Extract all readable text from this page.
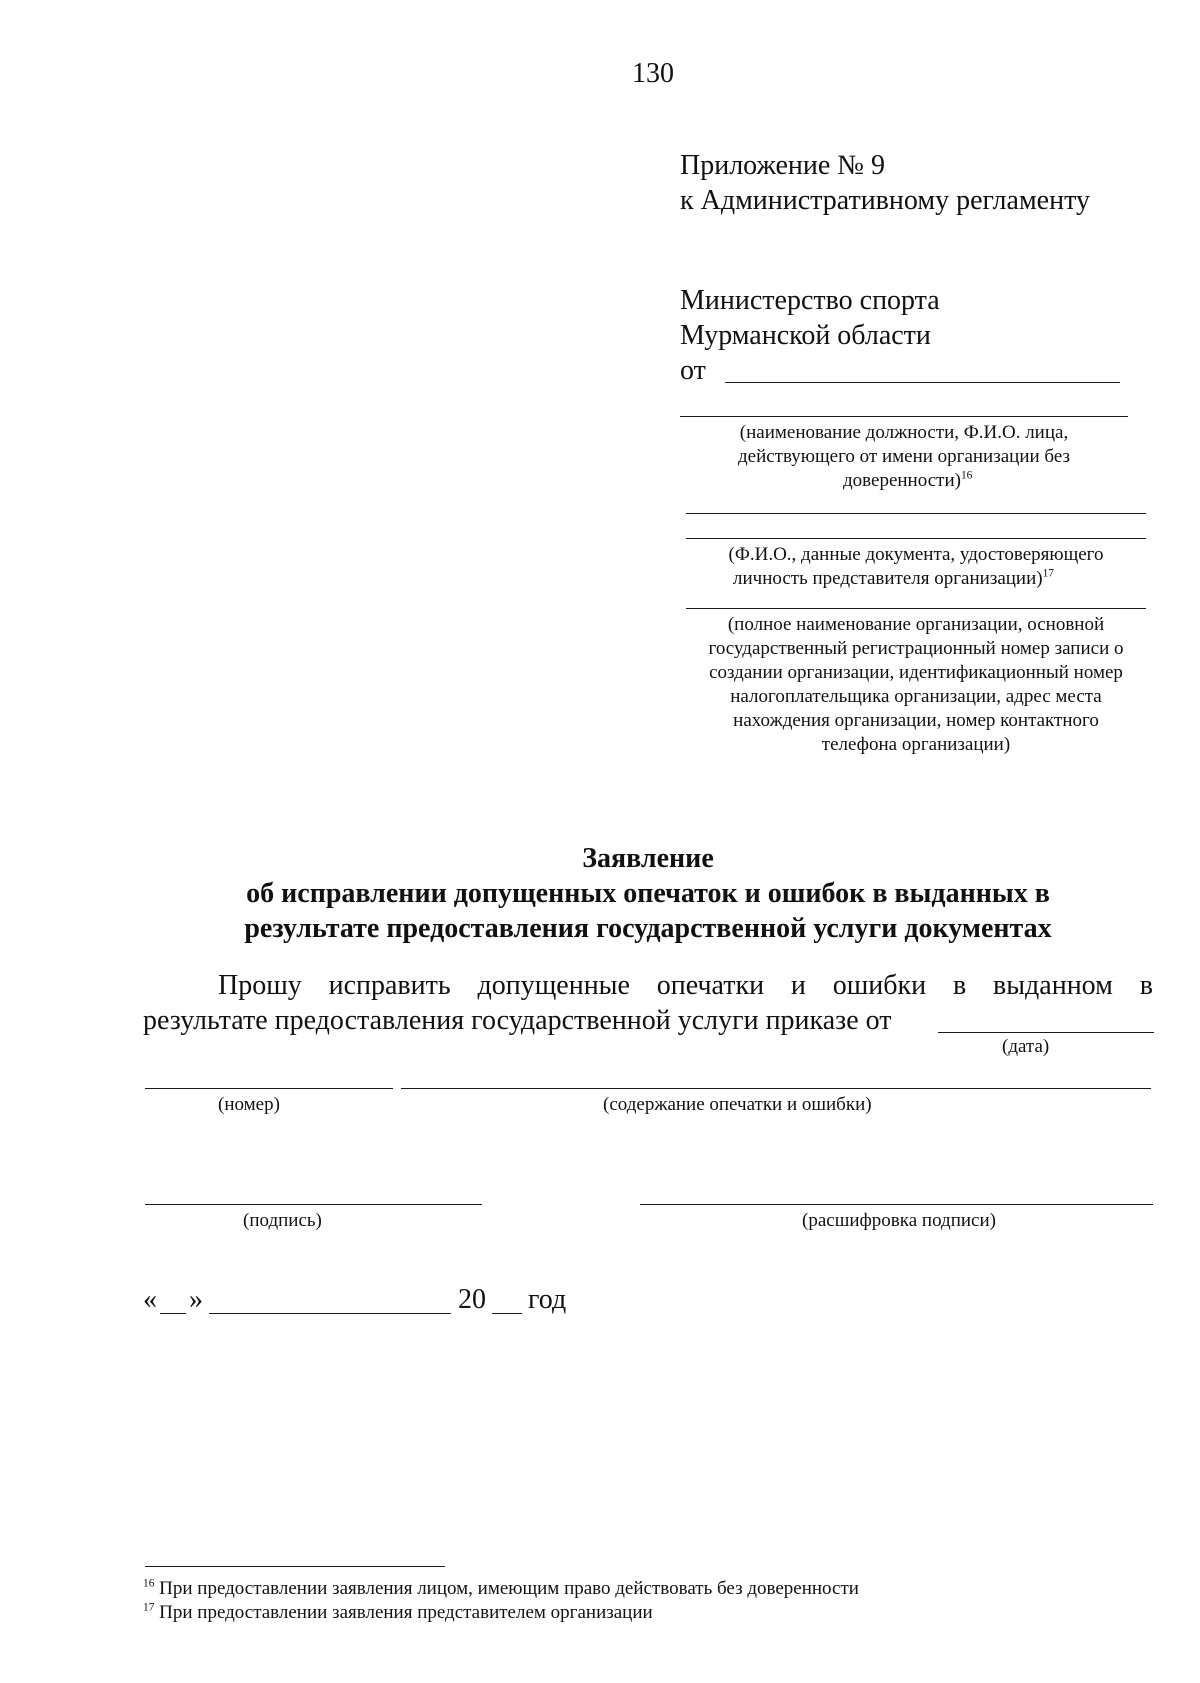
130
Приложение № 9
к Административному регламенту
Министерство спорта
Мурманской области
от
(наименование должности, Ф.И.О. лица,
действующего от имени организации без
доверенности)$^{16}$
(Ф.И.О., данные документа, удостоверяющего
личность представителя организации)$^{17}$
(полное наименование организации, основной
государственный регистрационный номер записи о
создании организации, идентификационный номер
налогоплательщика организации, адрес места
нахождения организации, номер контактного
телефона организации)
Заявление
об исправлении допущенных опечаток и ошибок в выданных в
результате предоставления государственной услуги документах
Прошу исправить допущенные опечатки и ошибки в выданном в
результате предоставления государственной услуги приказе от
(дата)
(номер)	(содержание опечатки и ошибки)
(подпись)	(расшифровка подписи)
« »	20 год
$^{16}$ При предоставлении заявления лицом, имеющим право действовать без доверенности
$^{17}$ При предоставлении заявления представителем организации
